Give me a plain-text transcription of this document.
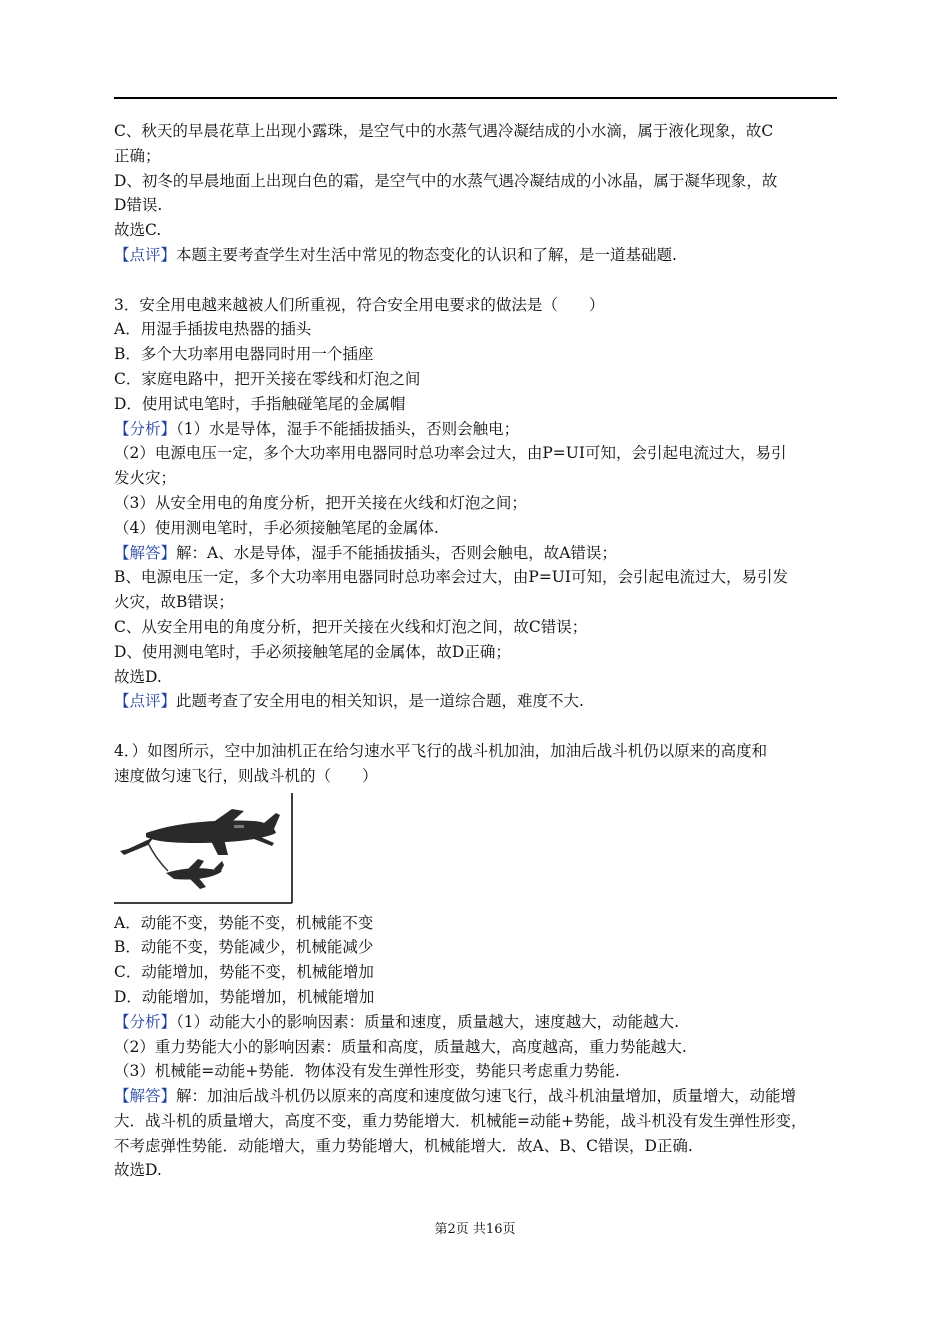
C、秋天的早晨花草上出现小露珠，是空气中的水蒸气遇冷凝结成的小水滴，属于液化现象，故C
正确；
D、初冬的早晨地面上出现白色的霜，是空气中的水蒸气遇冷凝结成的小冰晶，属于凝华现象，故
D错误.
故选C.
【点评】本题主要考查学生对生活中常见的物态变化的认识和了解，是一道基础题.
3．安全用电越来越被人们所重视，符合安全用电要求的做法是（　　）
A．用湿手插拔电热器的插头
B．多个大功率用电器同时用一个插座
C．家庭电路中，把开关接在零线和灯泡之间
D．使用试电笔时，手指触碰笔尾的金属帽
【分析】（1）水是导体，湿手不能插拔插头，否则会触电；
（2）电源电压一定，多个大功率用电器同时总功率会过大，由P=UI可知，会引起电流过大，易引
发火灾；
（3）从安全用电的角度分析，把开关接在火线和灯泡之间；
（4）使用测电笔时，手必须接触笔尾的金属体.
【解答】解：A、水是导体，湿手不能插拔插头，否则会触电，故A错误；
B、电源电压一定，多个大功率用电器同时总功率会过大，由P=UI可知，会引起电流过大，易引发
火灾，故B错误；
C、从安全用电的角度分析，把开关接在火线和灯泡之间，故C错误；
D、使用测电笔时，手必须接触笔尾的金属体，故D正确；
故选D.
【点评】此题考查了安全用电的相关知识，是一道综合题，难度不大.
4．）如图所示，空中加油机正在给匀速水平飞行的战斗机加油，加油后战斗机仍以原来的高度和
速度做匀速飞行，则战斗机的（　　）
A．动能不变，势能不变，机械能不变
B．动能不变，势能减少，机械能减少
C．动能增加，势能不变，机械能增加
D．动能增加，势能增加，机械能增加
【分析】（1）动能大小的影响因素：质量和速度，质量越大，速度越大，动能越大.
（2）重力势能大小的影响因素：质量和高度，质量越大，高度越高，重力势能越大.
（3）机械能=动能+势能．物体没有发生弹性形变，势能只考虑重力势能.
【解答】解：加油后战斗机仍以原来的高度和速度做匀速飞行，战斗机油量增加，质量增大，动能增
大．战斗机的质量增大，高度不变，重力势能增大．机械能=动能+势能，战斗机没有发生弹性形变，
不考虑弹性势能．动能增大，重力势能增大，机械能增大．故A、B、C错误，D正确.
故选D.
第2页 共16页
